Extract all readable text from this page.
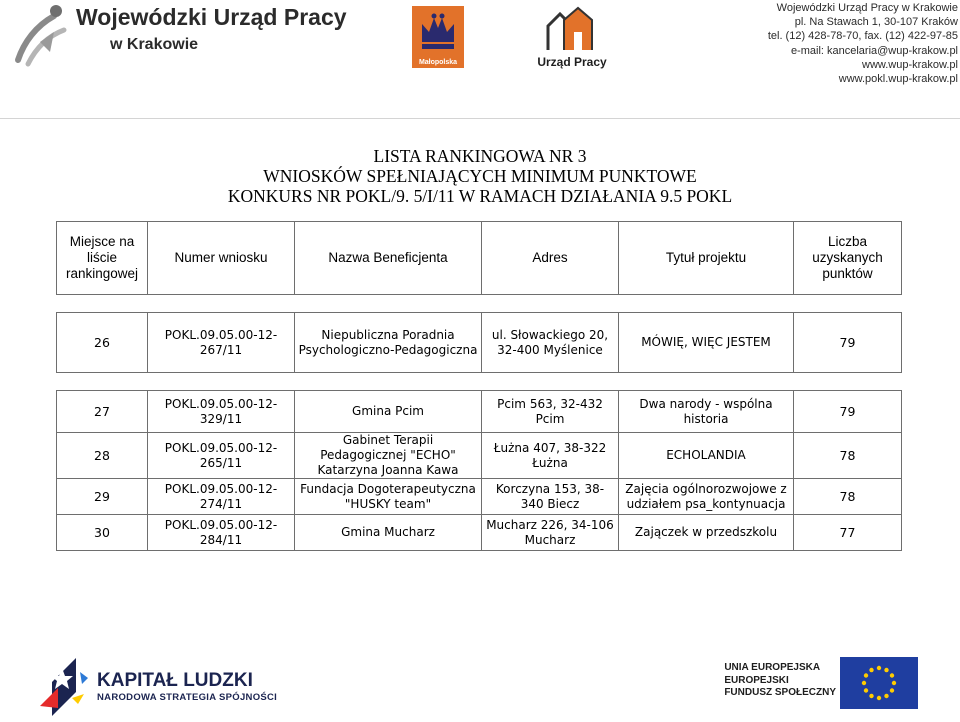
Wojewódzki Urząd Pracy
w Krakowie
Małopolska	Urząd Pracy
Wojewódzki Urząd Pracy w Krakowie
pl. Na Stawach 1, 30-107 Kraków
tel. (12) 428-78-70, fax. (12) 422-97-85
e-mail: kancelaria@wup-krakow.pl
www.wup-krakow.pl
www.pokl.wup-krakow.pl
LISTA RANKINGOWA NR 3
WNIOSKÓW SPEŁNIAJĄCYCH MINIMUM PUNKTOWE
KONKURS NR POKL/9. 5/I/11 W RAMACH DZIAŁANIA 9.5 POKL
Miejsce na liście rankingowej	Numer wniosku	Nazwa Beneficjenta	Adres	Tytuł projektu	Liczba uzyskanych punktów

26	POKL.09.05.00-12-267/11	Niepubliczna Poradnia Psychologiczno-Pedagogiczna	ul. Słowackiego 20, 32-400 Myślenice	MÓWIĘ, WIĘC JESTEM	79

27	POKL.09.05.00-12-329/11	Gmina Pcim	Pcim 563, 32-432 Pcim	Dwa narody - wspólna historia	79
28	POKL.09.05.00-12-265/11	Gabinet Terapii Pedagogicznej "ECHO" Katarzyna Joanna Kawa	Łużna 407, 38-322 Łużna	ECHOLANDIA	78
29	POKL.09.05.00-12-274/11	Fundacja Dogoterapeutyczna "HUSKY team"	Korczyna 153, 38-340 Biecz	Zajęcia ogólnorozwojowe z udziałem psa_kontynuacja	78
30	POKL.09.05.00-12-284/11	Gmina Mucharz	Mucharz 226, 34-106 Mucharz	Zajączek w przedszkolu	77
KAPITAŁ LUDZKI
NARODOWA STRATEGIA SPÓJNOŚCI
UNIA EUROPEJSKA
EUROPEJSKI
FUNDUSZ SPOŁECZNY
